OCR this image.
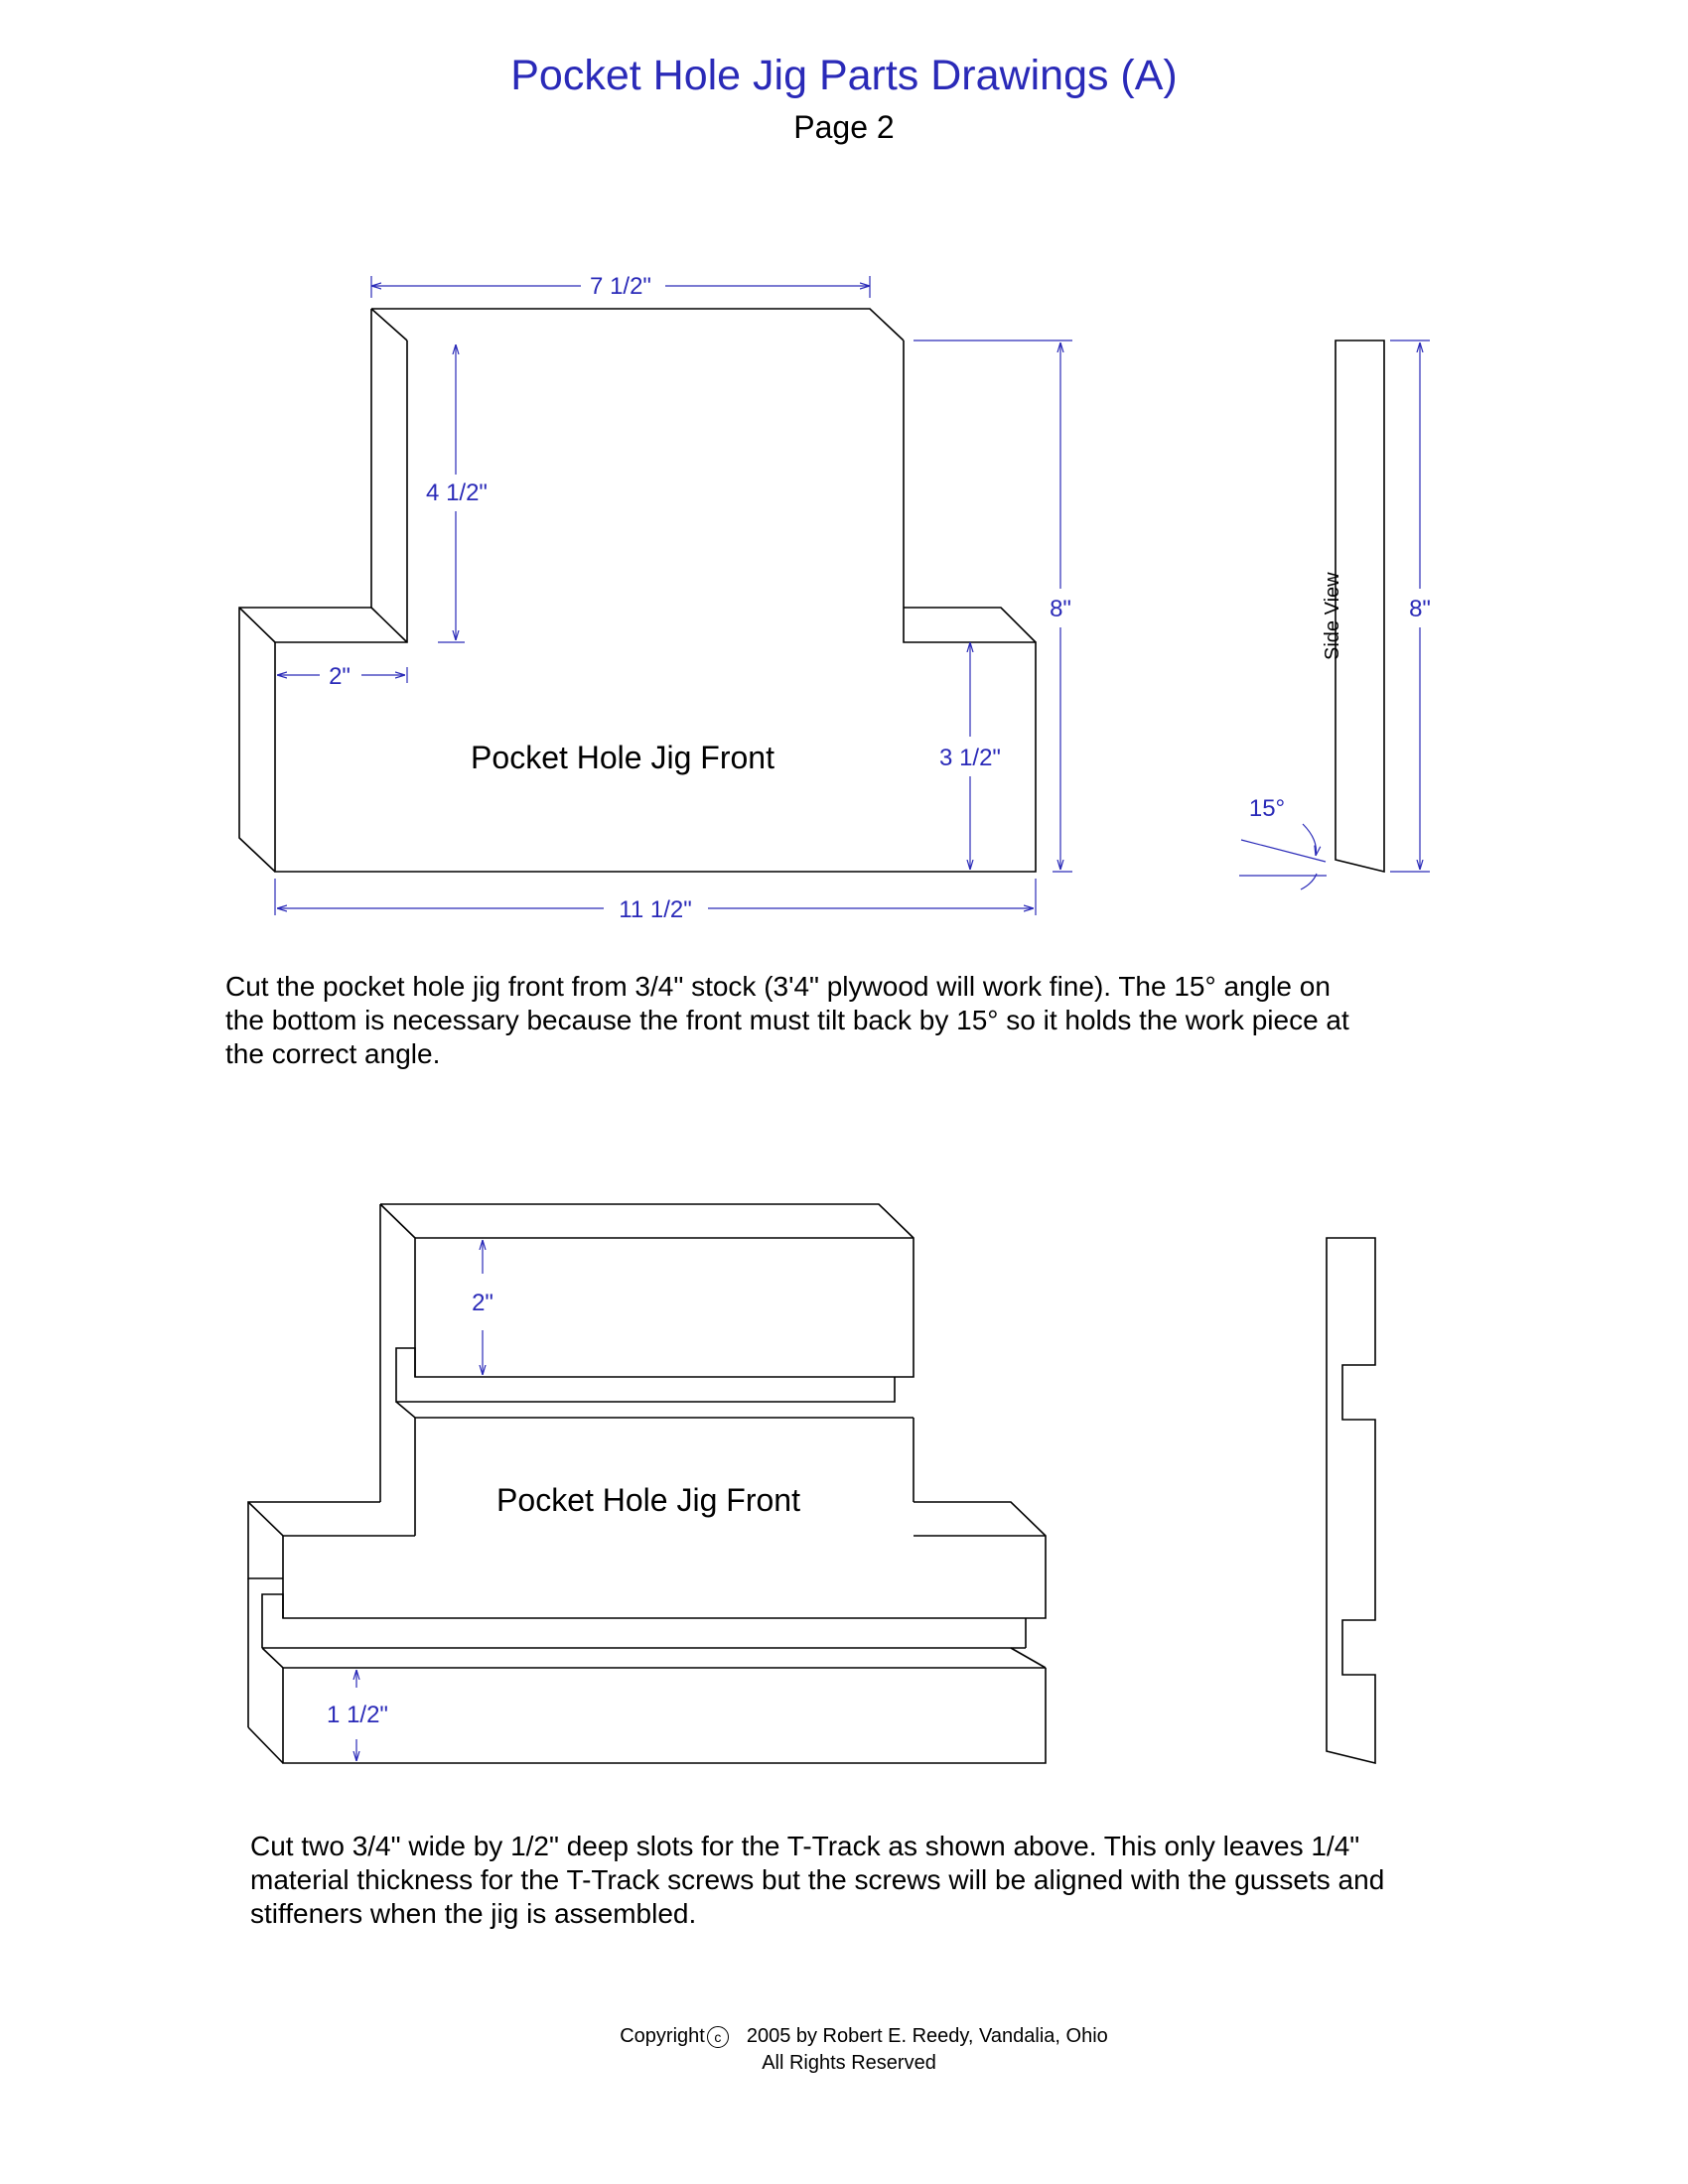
Pocket Hole Jig Parts Drawings (A)
Page 2
7 1/2"
4 1/2"
8"
2"
3 1/2"
11 1/2"
Pocket Hole Jig Front
8"
15°
Side View
2"
1 1/2"
Pocket Hole Jig Front

Cut the pocket hole jig front from 3/4" stock (3'4" plywood will work fine). The 15° angle on

the bottom is necessary because the front must tilt back by 15° so it holds the work piece at

the correct angle.

Cut two 3/4" wide by 1/2" deep slots for the T-Track as shown above. This only leaves 1/4"

material thickness for the T-Track screws but the screws will be aligned with the gussets and

stiffeners when the jig is assembled.

Copyright c 2005 by Robert E. Reedy, Vandalia, Ohio
All Rights Reserved
